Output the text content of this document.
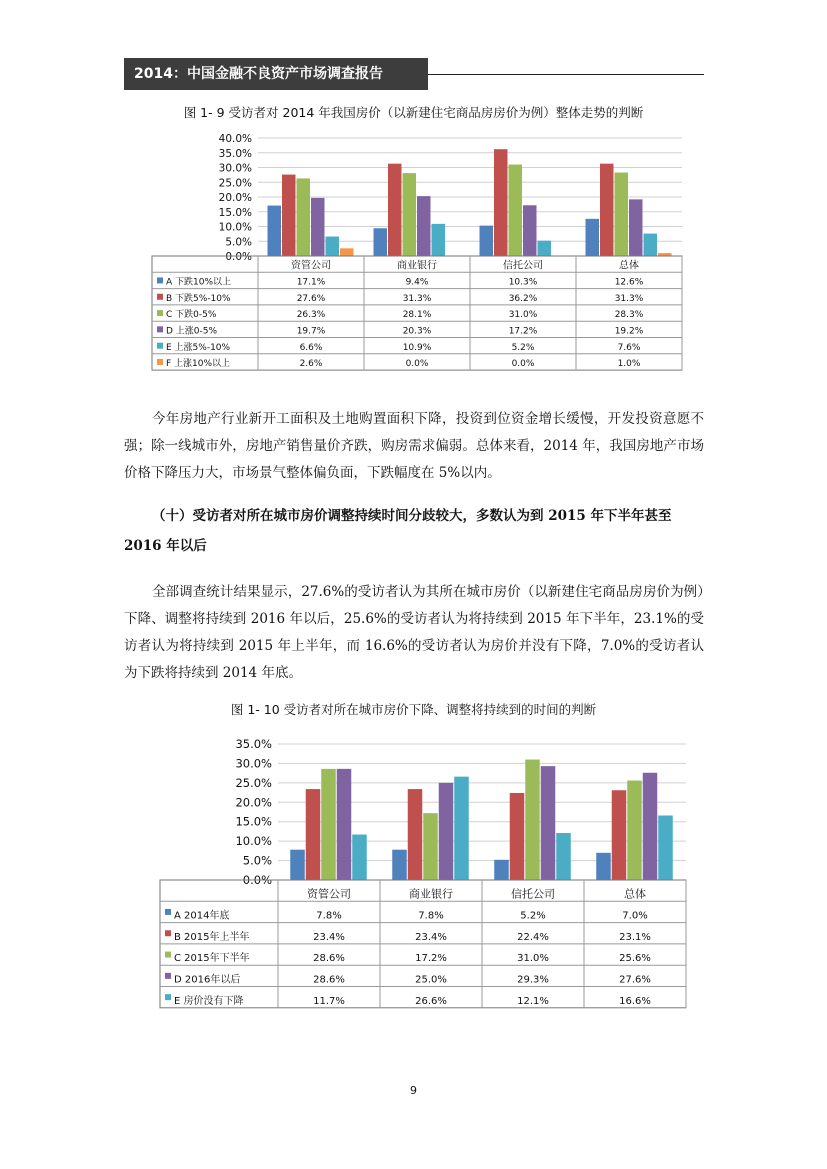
2014：中国金融不良资产市场调查报告
图 1- 9 受访者对 2014 年我国房价（以新建住宅商品房房价为例）整体走势的判断
40.0%
35.0%
30.0%
25.0%
20.0%
15.0%
10.0%
5.0%
0.0%
资管公司	商业银行	信托公司	总体
A 下跌10%以上	17.1%	9.4%	10.3%	12.6%
B 下跌5%-10%	27.6%	31.3%	36.2%	31.3%
C 下跌0-5%	26.3%	28.1%	31.0%	28.3%
D 上涨0-5%	19.7%	20.3%	17.2%	19.2%
E 上涨5%-10%	6.6%	10.9%	5.2%	7.6%
F 上涨10%以上	2.6%	0.0%	0.0%	1.0%
今年房地产行业新开工面积及土地购置面积下降，投资到位资金增长缓慢，开发投资意愿不强；除一线城市外，房地产销售量价齐跌，购房需求偏弱。总体来看，2014 年，我国房地产市场价格下降压力大，市场景气整体偏负面，下跌幅度在 5%以内。
（十）受访者对所在城市房价调整持续时间分歧较大，多数认为到 2015 年下半年甚至 2016 年以后
全部调查统计结果显示，27.6%的受访者认为其所在城市房价（以新建住宅商品房房价为例）下降、调整将持续到 2016 年以后，25.6%的受访者认为将持续到 2015 年下半年，23.1%的受访者认为将持续到 2015 年上半年，而 16.6%的受访者认为房价并没有下降，7.0%的受访者认为下跌将持续到 2014 年底。
图 1- 10 受访者对所在城市房价下降、调整将持续到的时间的判断
35.0%
30.0%
25.0%
20.0%
15.0%
10.0%
5.0%
0.0%
资管公司	商业银行	信托公司	总体
A 2014年底	7.8%	7.8%	5.2%	7.0%
B 2015年上半年	23.4%	23.4%	22.4%	23.1%
C 2015年下半年	28.6%	17.2%	31.0%	25.6%
D 2016年以后	28.6%	25.0%	29.3%	27.6%
E 房价没有下降	11.7%	26.6%	12.1%	16.6%
9
